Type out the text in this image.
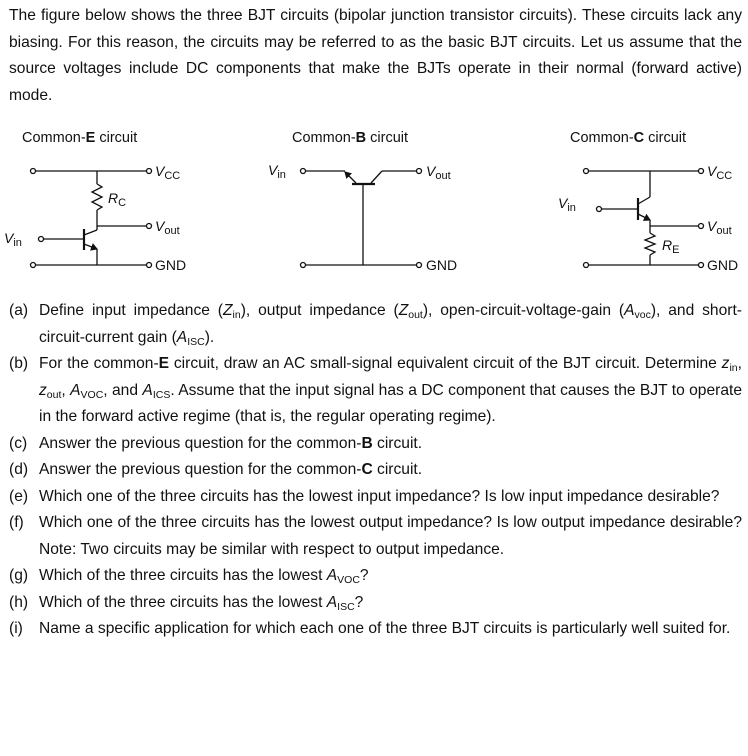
The figure below shows the three BJT circuits (bipolar junction transistor circuits). These circuits lack any biasing. For this reason, the circuits may be referred to as the basic BJT circuits. Let us assume that the source voltages include DC components that make the BJTs operate in their normal (forward active) mode.
Common-E circuit
$V_{CC}$
$R_C$
$V_{out}$
$V_{in}$
GND
Common-B circuit
$V_{in}$	$V_{out}$
GND
Common-C circuit
$V_{CC}$
$V_{in}$
$V_{out}$
$R_E$
GND
(a) Define input impedance $(Z_{in})$, output impedance $(Z_{out})$, open-circuit-voltage-gain $(A_{voc})$, and short-circuit-current gain $(A_{ISC})$.
(b) For the common-E circuit, draw an AC small-signal equivalent circuit of the BJT circuit. Determine $z_{in}$, $z_{out}$, $A_{VOC}$, and $A_{ICS}$. Assume that the input signal has a DC component that causes the BJT to operate in the forward active regime (that is, the regular operating regime).
(c) Answer the previous question for the common-B circuit.
(d) Answer the previous question for the common-C circuit.
(e) Which one of the three circuits has the lowest input impedance? Is low input impedance desirable?
(f) Which one of the three circuits has the lowest output impedance? Is low output impedance desirable? Note: Two circuits may be similar with respect to output impedance.
(g) Which of the three circuits has the lowest $A_{VOC}$?
(h) Which of the three circuits has the lowest $A_{ISC}$?
(i)	Name a specific application for which each one of the three BJT circuits is particularly well suited for.
